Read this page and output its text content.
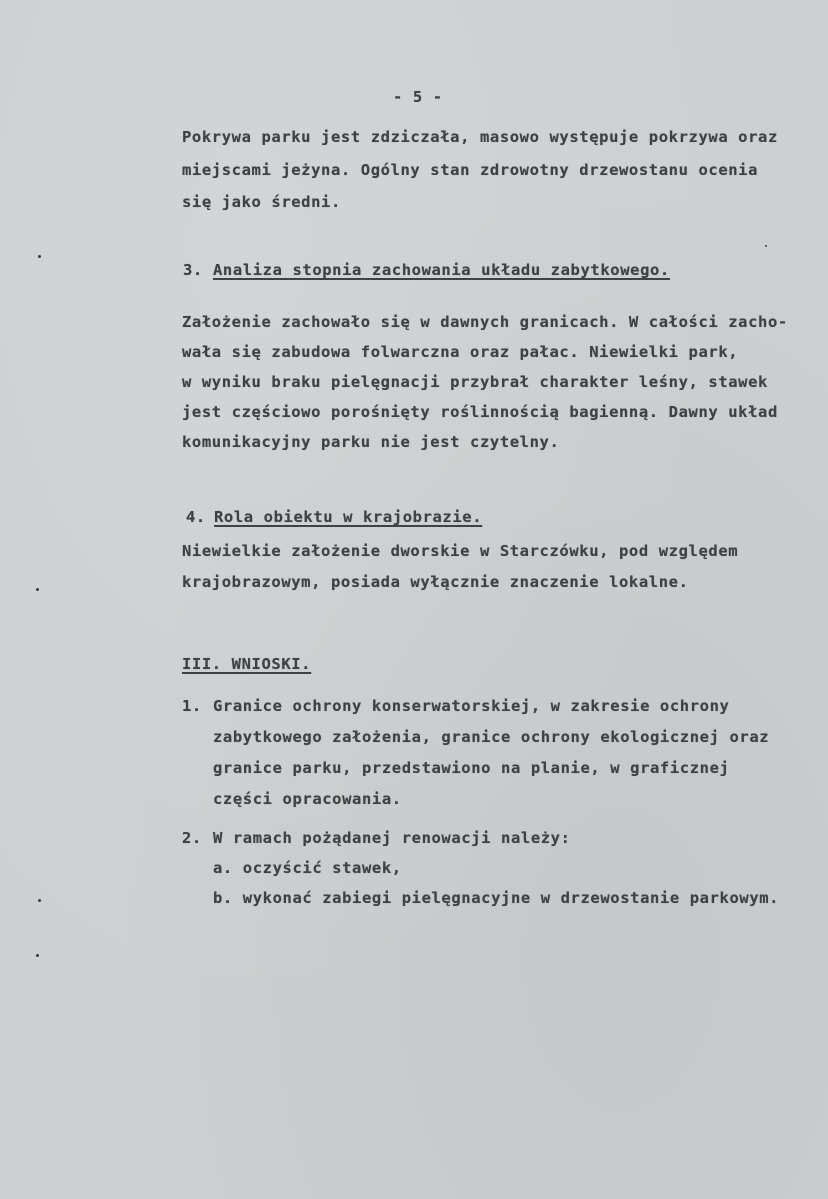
- 5 -
Pokrywa parku jest zdziczała, masowo występuje pokrzywa oraz
miejscami jeżyna. Ogólny stan zdrowotny drzewostanu ocenia
się jako średni.
3. Analiza stopnia zachowania układu zabytkowego.
Założenie zachowało się w dawnych granicach. W całości zacho-
wała się zabudowa folwarczna oraz pałac. Niewielki park,
w wyniku braku pielęgnacji przybrał charakter leśny, stawek
jest częściowo porośnięty roślinnością bagienną. Dawny układ
komunikacyjny parku nie jest czytelny.
4. Rola obiektu w krajobrazie.
Niewielkie założenie dworskie w Starczówku, pod względem
krajobrazowym, posiada wyłącznie znaczenie lokalne.
III. WNIOSKI.
1. Granice ochrony konserwatorskiej, w zakresie ochrony
zabytkowego założenia, granice ochrony ekologicznej oraz
granice parku, przedstawiono na planie, w graficznej
części opracowania.
2. W ramach pożądanej renowacji należy:
a. oczyścić stawek,
b. wykonać zabiegi pielęgnacyjne w drzewostanie parkowym.
